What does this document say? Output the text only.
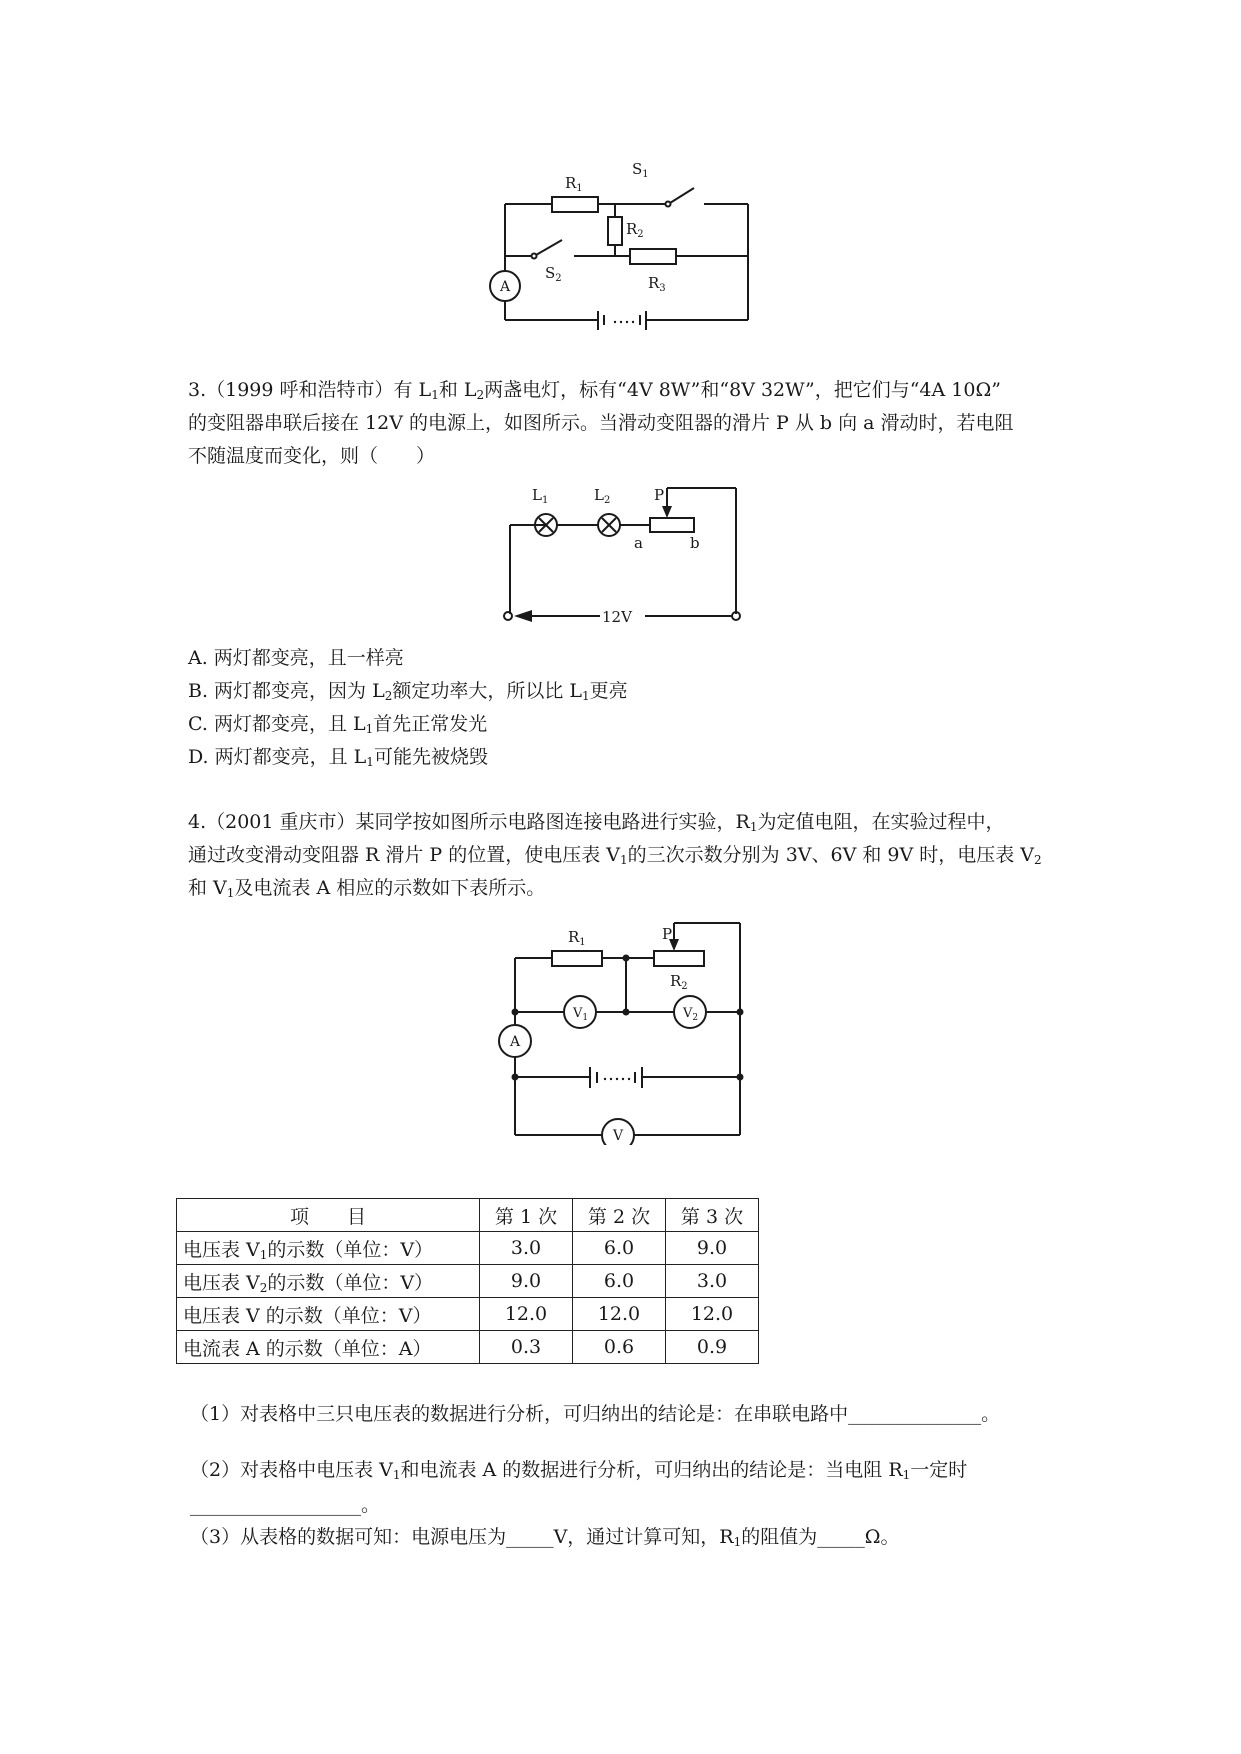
$R_1$
$S_1$
$R_2$
$S_2$	$R_3$
A
3.（1999 呼和浩特市）有 $L_1$和 $L_2$两盏电灯，标有“4V 8W”和“8V 32W”，把它们与“4A 10Ω”
的变阻器串联后接在 12V 的电源上，如图所示。当滑动变阻器的滑片 P 从 b 向 a 滑动时，若电阻
不随温度而变化，则（　　）
$L_1$	$L_2$	P
a	b
12V
A. 两灯都变亮，且一样亮
B. 两灯都变亮，因为 $L_2$额定功率大，所以比 $L_1$更亮
C. 两灯都变亮，且 $L_1$首先正常发光
D. 两灯都变亮，且 $L_1$可能先被烧毁
4.（2001 重庆市）某同学按如图所示电路图连接电路进行实验，$R_1$为定值电阻，在实验过程中，
通过改变滑动变阻器 R 滑片 P 的位置，使电压表 $V_1$的三次示数分别为 3V、6V 和 9V 时，电压表 $V_2$
和 $V_1$及电流表 A 相应的示数如下表所示。
$R_1$	P
$R_2$
$V_1$	$V_2$
V
A
项　　目	第 1 次	第 2 次	第 3 次
电压表 $V_1$的示数（单位：V）	3.0	6.0	9.0
电压表 $V_2$的示数（单位：V）	9.0	6.0	3.0
电压表 V 的示数（单位：V）	12.0	12.0	12.0
电流表 A 的示数（单位：A）	0.3	0.6	0.9
（1）对表格中三只电压表的数据进行分析，可归纳出的结论是：在串联电路中______________。
（2）对表格中电压表 $V_1$和电流表 A 的数据进行分析，可归纳出的结论是：当电阻 $R_1$一定时
__________________。
（3）从表格的数据可知：电源电压为_____V，通过计算可知，$R_1$的阻值为_____Ω。
